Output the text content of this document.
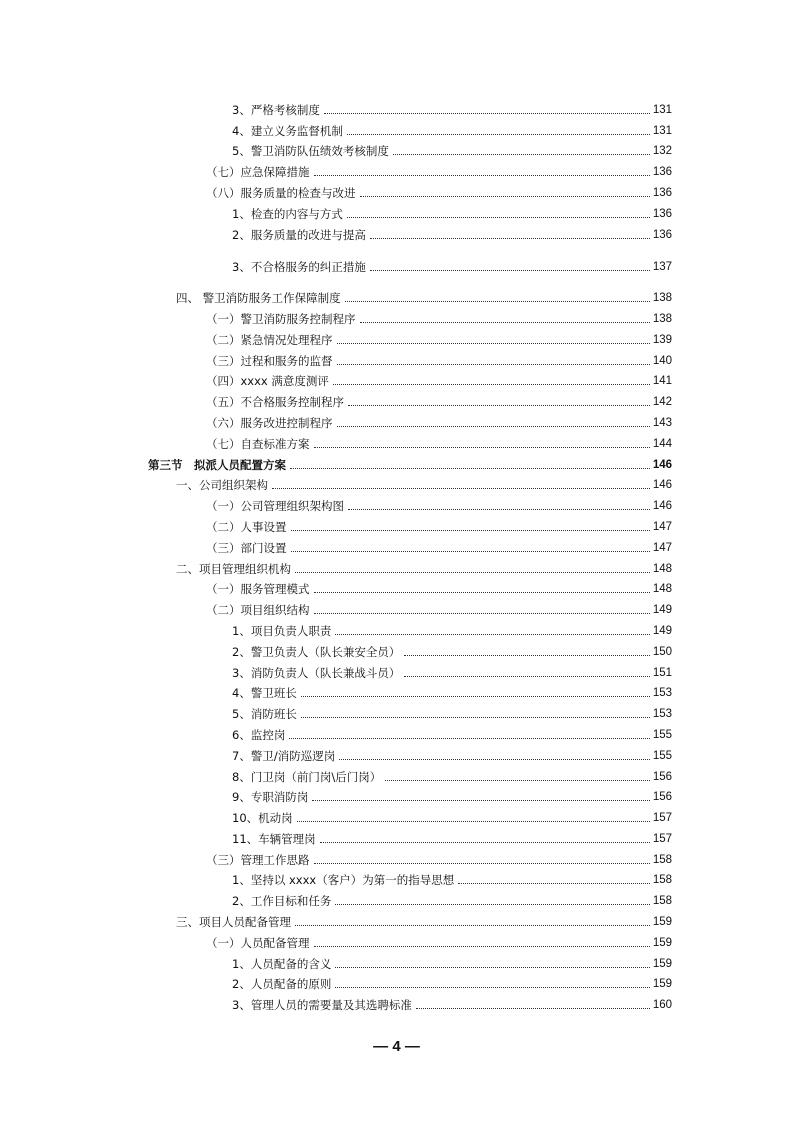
3、严格考核制度	131
4、建立义务监督机制	131
5、警卫消防队伍绩效考核制度	132
（七）应急保障措施	136
（八）服务质量的检查与改进	136
1、检查的内容与方式	136
2、服务质量的改进与提高	136
3、不合格服务的纠正措施	137
四、 警卫消防服务工作保障制度	138
（一）警卫消防服务控制程序	138
（二）紧急情况处理程序	139
（三）过程和服务的监督	140
（四）xxxx 满意度测评	141
（五）不合格服务控制程序	142
（六）服务改进控制程序	143
（七）自查标准方案	144
第三节　拟派人员配置方案	146
一、公司组织架构	146
（一）公司管理组织架构图	146
（二）人事设置	147
（三）部门设置	147
二、项目管理组织机构	148
（一）服务管理模式	148
（二）项目组织结构	149
1、项目负责人职责	149
2、警卫负责人（队长兼安全员）	150
3、消防负责人（队长兼战斗员）	151
4、警卫班长	153
5、消防班长	153
6、监控岗	155
7、警卫/消防巡逻岗	155
8、门卫岗（前门岗\后门岗）	156
9、专职消防岗	156
10、机动岗	157
11、车辆管理岗	157
（三）管理工作思路	158
1、坚持以 xxxx（客户）为第一的指导思想	158
2、工作目标和任务	158
三、项目人员配备管理	159
（一）人员配备管理	159
1、人员配备的含义	159
2、人员配备的原则	159
3、管理人员的需要量及其选聘标准	160
— 4 —
